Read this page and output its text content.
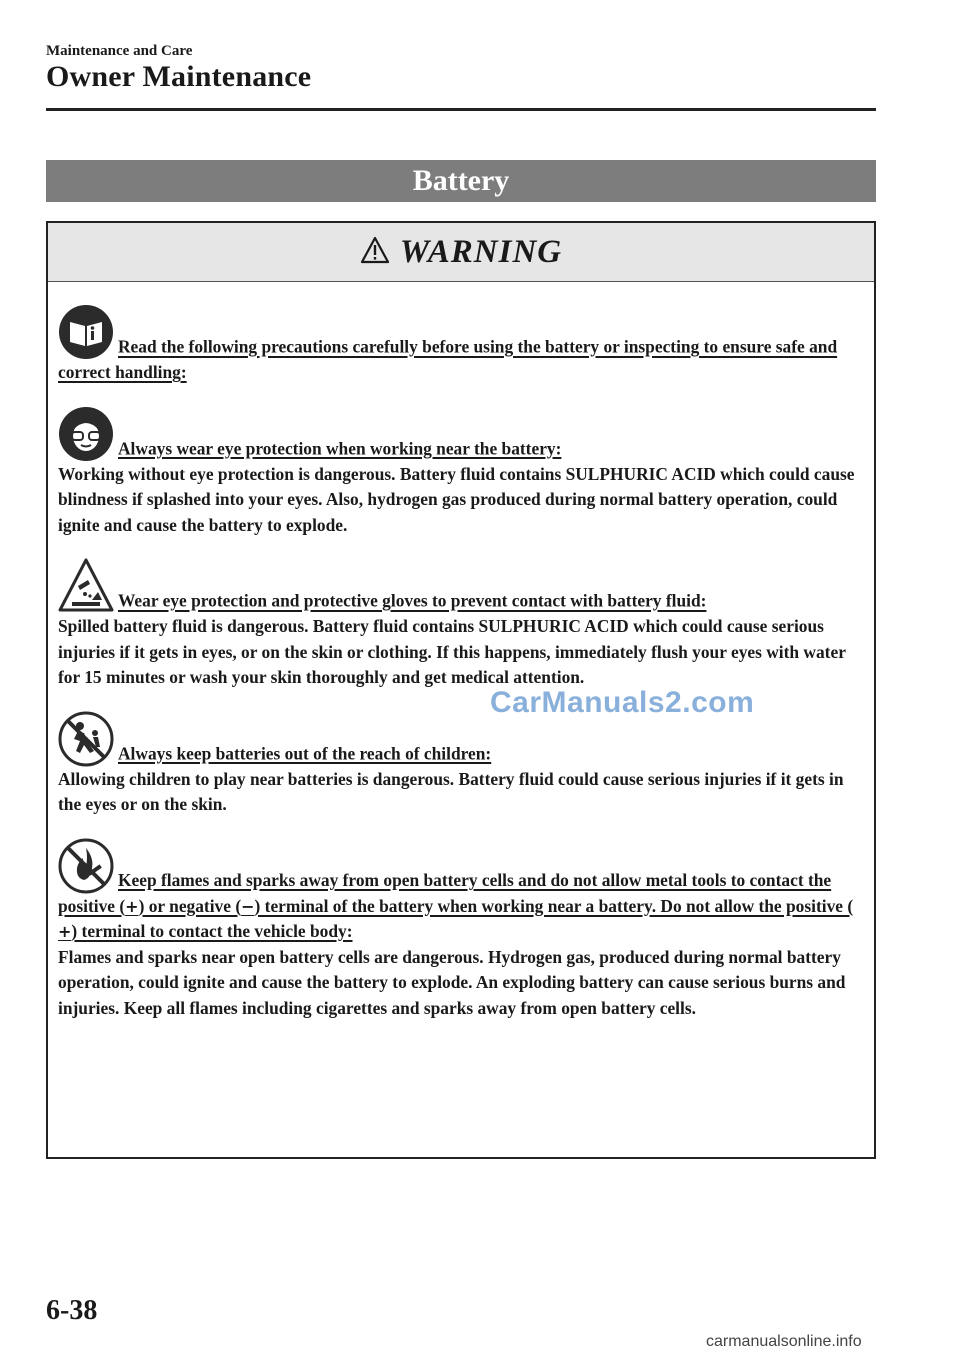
Maintenance and Care
Owner Maintenance
Battery
WARNING
Read the following precautions carefully before using the battery or inspecting to ensure safe and correct handling:
Always wear eye protection when working near the battery:
Working without eye protection is dangerous. Battery fluid contains SULPHURIC ACID which could cause blindness if splashed into your eyes. Also, hydrogen gas produced during normal battery operation, could ignite and cause the battery to explode.
Wear eye protection and protective gloves to prevent contact with battery fluid:
Spilled battery fluid is dangerous. Battery fluid contains SULPHURIC ACID which could cause serious injuries if it gets in eyes, or on the skin or clothing. If this happens, immediately flush your eyes with water for 15 minutes or wash your skin thoroughly and get medical attention.
Always keep batteries out of the reach of children:
Allowing children to play near batteries is dangerous. Battery fluid could cause serious injuries if it gets in the eyes or on the skin.
Keep flames and sparks away from open battery cells and do not allow metal tools to contact the positive (+) or negative (−) terminal of the battery when working near a battery. Do not allow the positive (+) terminal to contact the vehicle body:
Flames and sparks near open battery cells are dangerous. Hydrogen gas, produced during normal battery operation, could ignite and cause the battery to explode. An exploding battery can cause serious burns and injuries. Keep all flames including cigarettes and sparks away from open battery cells.
CarManuals2.com
6-38
carmanualsonline.info
